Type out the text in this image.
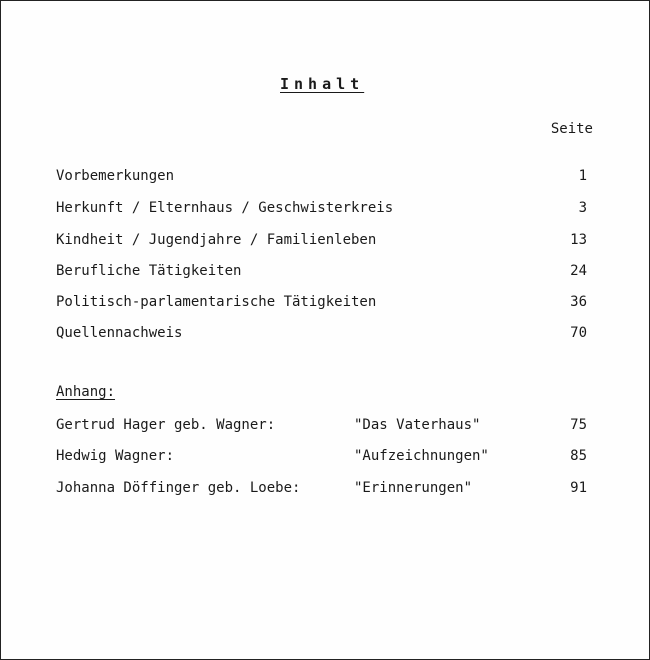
Inhalt
Seite
Vorbemerkungen	1
Herkunft / Elternhaus / Geschwisterkreis	3
Kindheit / Jugendjahre / Familienleben	13
Berufliche Tätigkeiten	24
Politisch-parlamentarische Tätigkeiten	36
Quellennachweis	70
Anhang:
Gertrud Hager geb. Wagner:	"Das Vaterhaus"	75
Hedwig Wagner:	"Aufzeichnungen"	85
Johanna Döffinger geb. Loebe:	"Erinnerungen"	91
